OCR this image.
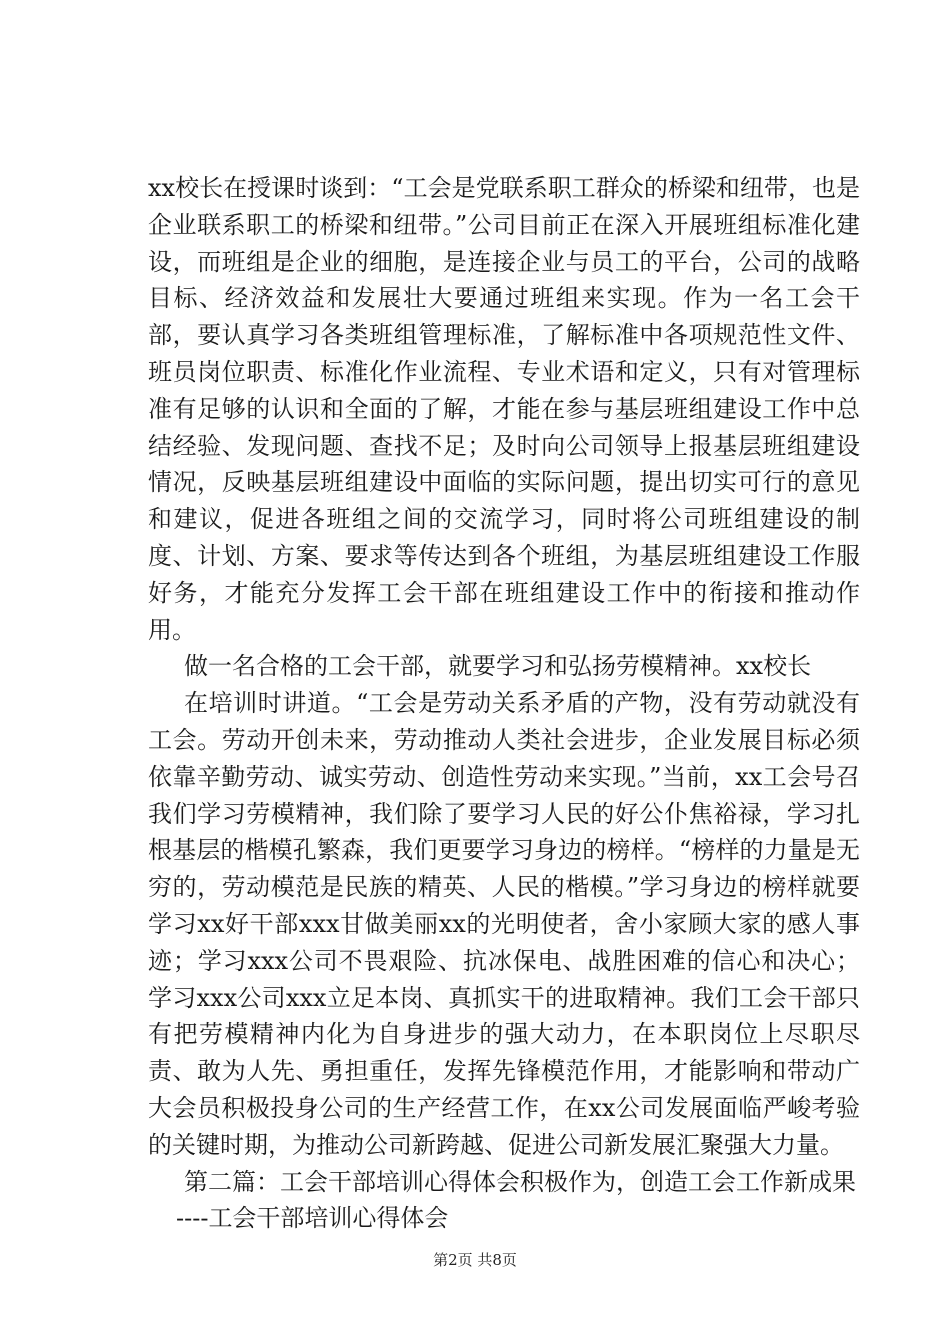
xx校长在授课时谈到：“工会是党联系职工群众的桥梁和纽带，也是企业联系职工的桥梁和纽带。”公司目前正在深入开展班组标准化建设，而班组是企业的细胞，是连接企业与员工的平台，公司的战略目标、经济效益和发展壮大要通过班组来实现。作为一名工会干部，要认真学习各类班组管理标准，了解标准中各项规范性文件、班员岗位职责、标准化作业流程、专业术语和定义，只有对管理标准有足够的认识和全面的了解，才能在参与基层班组建设工作中总结经验、发现问题、查找不足；及时向公司领导上报基层班组建设情况，反映基层班组建设中面临的实际问题，提出切实可行的意见和建议，促进各班组之间的交流学习，同时将公司班组建设的制度、计划、方案、要求等传达到各个班组，为基层班组建设工作服好务，才能充分发挥工会干部在班组建设工作中的衔接和推动作用。

做一名合格的工会干部，就要学习和弘扬劳模精神。xx校长

在培训时讲道。“工会是劳动关系矛盾的产物，没有劳动就没有工会。劳动开创未来，劳动推动人类社会进步，企业发展目标必须依靠辛勤劳动、诚实劳动、创造性劳动来实现。”当前，xx工会号召我们学习劳模精神，我们除了要学习人民的好公仆焦裕禄，学习扎根基层的楷模孔繁森，我们更要学习身边的榜样。“榜样的力量是无穷的，劳动模范是民族的精英、人民的楷模。”学习身边的榜样就要学习xx好干部xxx甘做美丽xx的光明使者，舍小家顾大家的感人事迹；学习xxx公司不畏艰险、抗冰保电、战胜困难的信心和决心；学习xxx公司xxx立足本岗、真抓实干的进取精神。我们工会干部只有把劳模精神内化为自身进步的强大动力，在本职岗位上尽职尽责、敢为人先、勇担重任，发挥先锋模范作用，才能影响和带动广大会员积极投身公司的生产经营工作，在xx公司发展面临严峻考验的关键时期，为推动公司新跨越、促进公司新发展汇聚强大力量。

第二篇：工会干部培训心得体会积极作为，创造工会工作新成果

----工会干部培训心得体会

第2页 共8页
